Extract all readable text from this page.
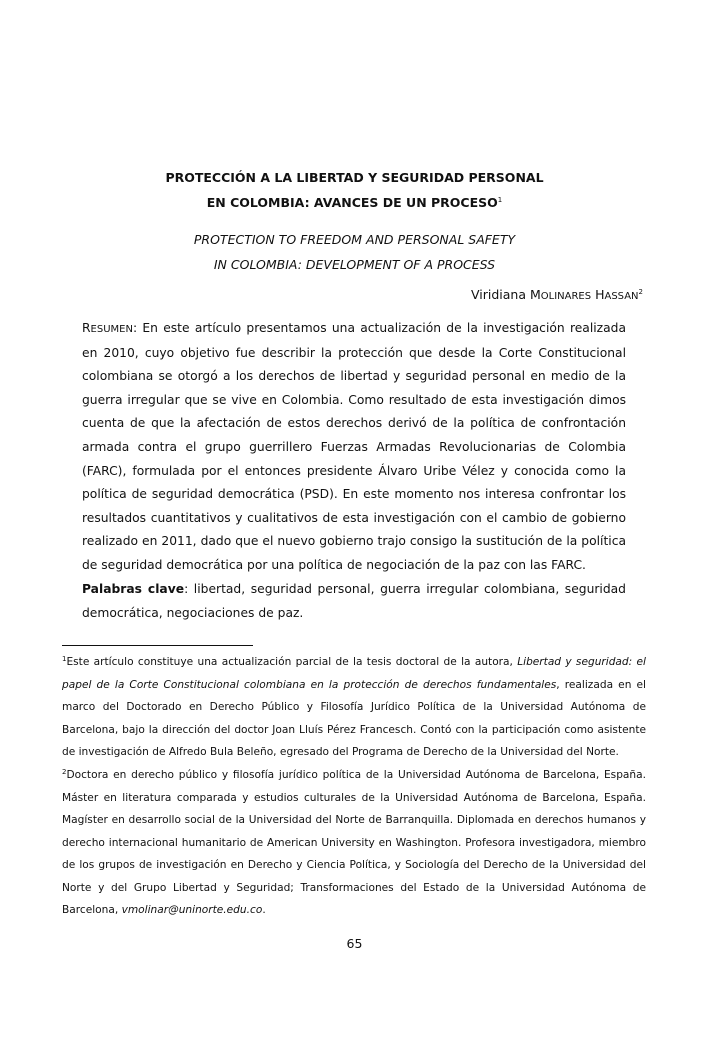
PROTECCIÓN A LA LIBERTAD Y SEGURIDAD PERSONAL
EN COLOMBIA: AVANCES DE UN PROCESO$^1$
PROTECTION TO FREEDOM AND PERSONAL SAFETY
IN COLOMBIA: DEVELOPMENT OF A PROCESS
Viridiana MOLINARES HASSAN$^2$
RESUMEN: En este artículo presentamos una actualización de la investigación realizada en 2010, cuyo objetivo fue describir la protección que desde la Corte Constitucional colombiana se otorgó a los derechos de libertad y seguridad personal en medio de la guerra irregular que se vive en Colombia. Como resultado de esta investigación dimos cuenta de que la afectación de estos derechos derivó de la política de confrontación armada contra el grupo guerrillero Fuerzas Armadas Revolucionarias de Colombia (FARC), formulada por el entonces presidente Álvaro Uribe Vélez y conocida como la política de seguridad democrática (PSD). En este momento nos interesa confrontar los resultados cuantitativos y cualitativos de esta investigación con el cambio de gobierno realizado en 2011, dado que el nuevo gobierno trajo consigo la sustitución de la política de seguridad democrática por una política de negociación de la paz con las FARC.
Palabras clave: libertad, seguridad personal, guerra irregular colombiana, seguridad democrática, negociaciones de paz.
$^1$Este artículo constituye una actualización parcial de la tesis doctoral de la autora, Libertad y seguridad: el papel de la Corte Constitucional colombiana en la protección de derechos fundamentales, realizada en el marco del Doctorado en Derecho Público y Filosofía Jurídico Política de la Universidad Autónoma de Barcelona, bajo la dirección del doctor Joan Lluís Pérez Francesch. Contó con la participación como asistente de investigación de Alfredo Bula Beleño, egresado del Programa de Derecho de la Universidad del Norte.
$^2$Doctora en derecho público y filosofía jurídico política de la Universidad Autónoma de Barcelona, España. Máster en literatura comparada y estudios culturales de la Universidad Autónoma de Barcelona, España. Magíster en desarrollo social de la Universidad del Norte de Barranquilla. Diplomada en derechos humanos y derecho internacional humanitario de American University en Washington. Profesora investigadora, miembro de los grupos de investigación en Derecho y Ciencia Política, y Sociología del Derecho de la Universidad del Norte y del Grupo Libertad y Seguridad; Transformaciones del Estado de la Universidad Autónoma de Barcelona, vmolinar@uninorte.edu.co.
65
